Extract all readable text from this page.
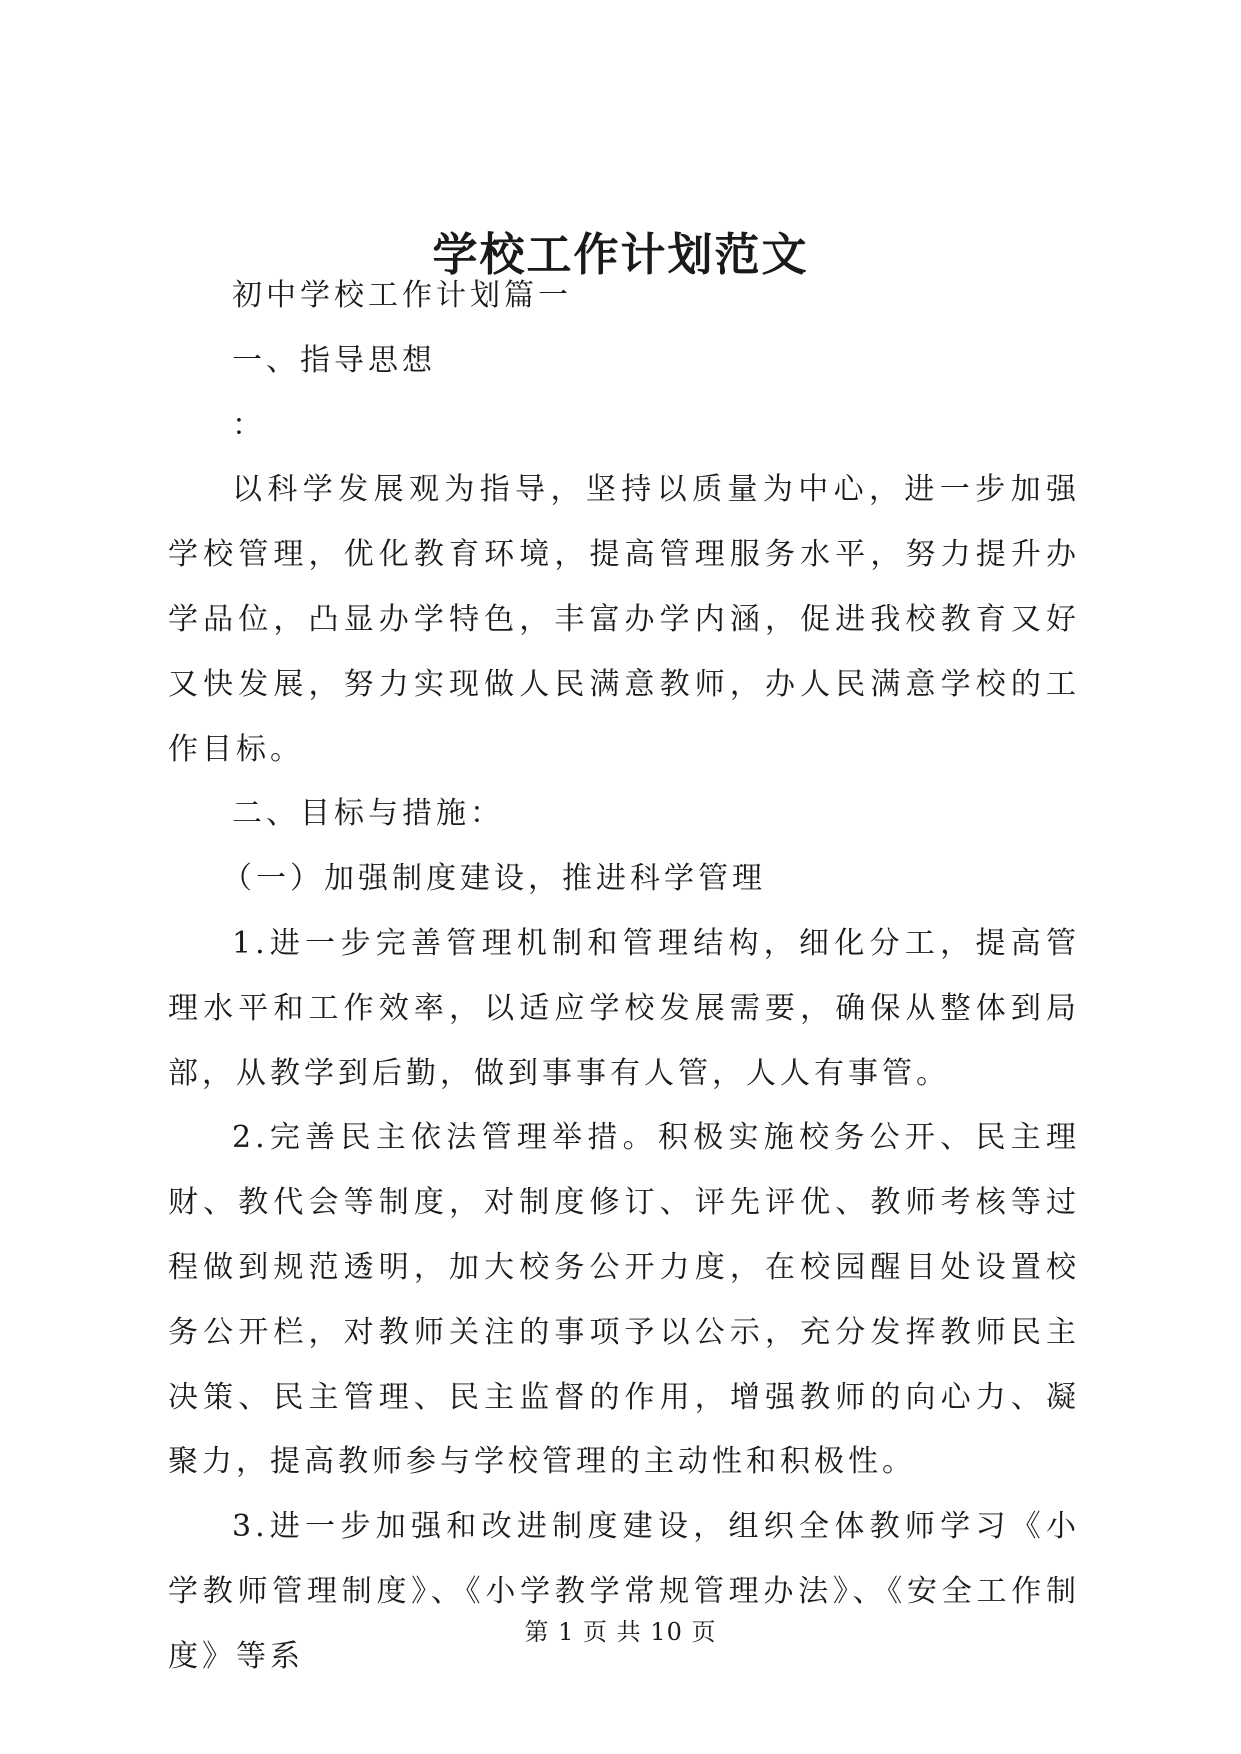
学校工作计划范文

初中学校工作计划篇一

一、指导思想

：

以科学发展观为指导，坚持以质量为中心，进一步加强学校管理，优化教育环境，提高管理服务水平，努力提升办学品位，凸显办学特色，丰富办学内涵，促进我校教育又好又快发展，努力实现做人民满意教师，办人民满意学校的工作目标。

二、目标与措施：

（一）加强制度建设，推进科学管理

1.进一步完善管理机制和管理结构，细化分工，提高管理水平和工作效率，以适应学校发展需要，确保从整体到局部，从教学到后勤，做到事事有人管，人人有事管。

2.完善民主依法管理举措。积极实施校务公开、民主理财、教代会等制度，对制度修订、评先评优、教师考核等过程做到规范透明，加大校务公开力度，在校园醒目处设置校务公开栏，对教师关注的事项予以公示，充分发挥教师民主决策、民主管理、民主监督的作用，增强教师的向心力、凝聚力，提高教师参与学校管理的主动性和积极性。

3.进一步加强和改进制度建设，组织全体教师学习《小学教师管理制度》、《小学教学常规管理办法》、《安全工作制度》等系

第 1 页 共 10 页
